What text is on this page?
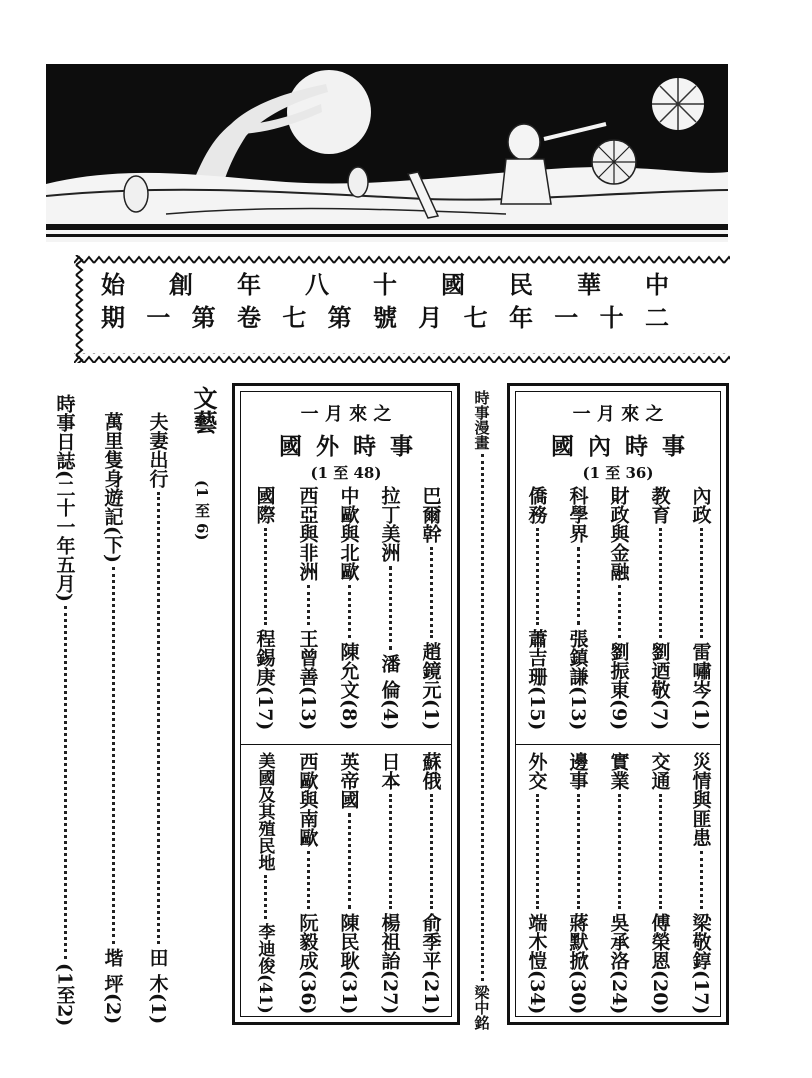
中
華
民
國
十
八
年
創
始
二
十
一
年
七
月
號
第
七
卷
第
一
期
一 月 來 之
國內時事
(1 至 36)
一 月 來 之
國外時事
(1 至 48)
內政
雷嘯岑
(1)
教育
劉迺敬
(7)
財政與金融
劉振東
(9)
科學界
張鎮謙
(13)
僑務
蕭吉珊
(15)
災情與匪患
梁敬錞
(17)
交通
傅榮恩
(20)
實業
吳承洛
(24)
邊事
蔣默掀
(30)
外交
端木愷
(34)
時事漫畫
梁中銘
巴爾幹
趙鏡元
(1)
拉丁美洲
潘 倫
(4)
中歐與北歐
陳允文
(8)
西亞與非洲
王曾善
(13)
國際
程錫庚
(17)
蘇俄
俞季平
(21)
日本
楊祖詒
(27)
英帝國
陳民耿
(31)
西歐與南歐
阮毅成
(36)
美國及其殖民地
李迪俊
(41)
文藝
(1 至 6)
夫妻出行
田 木
(1)
萬里隻身遊記(下)
堦 坪
(2)
時事日誌(二十一年五月)
(1至2)
